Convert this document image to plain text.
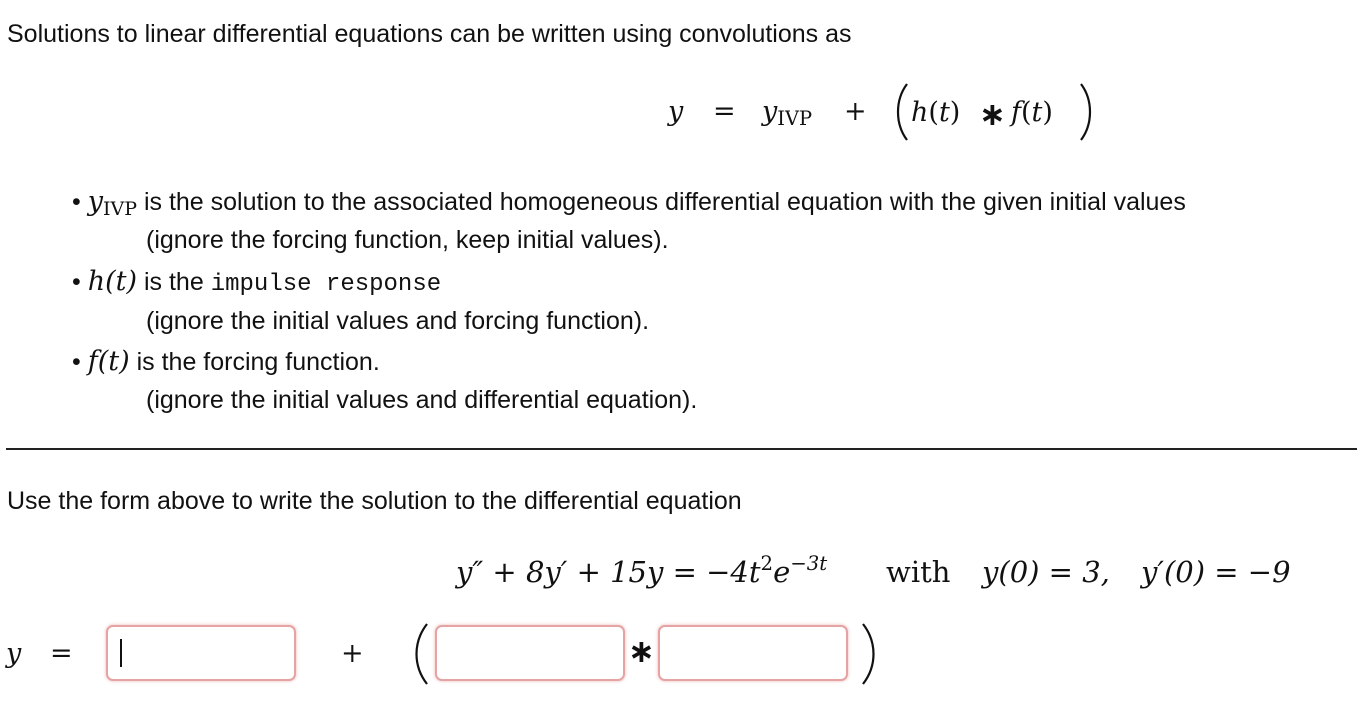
Solutions to linear differential equations can be written using convolutions as
$y = y_{IVP} + h(t)$ ∗ f(t)
• $y_{IVP}$ is the solution to the associated homogeneous differential equation with the given initial values
(ignore the forcing function, keep initial values).
• h(t) is the impulse response
(ignore the initial values and forcing function).
• f(t) is the forcing function.
(ignore the initial values and differential equation).
Use the form above to write the solution to the differential equation
$y'' + 8y' + 15y = -4t^2e^{-3t}$ with y(0) = 3, y′(0) = −9
y =	+	∗
